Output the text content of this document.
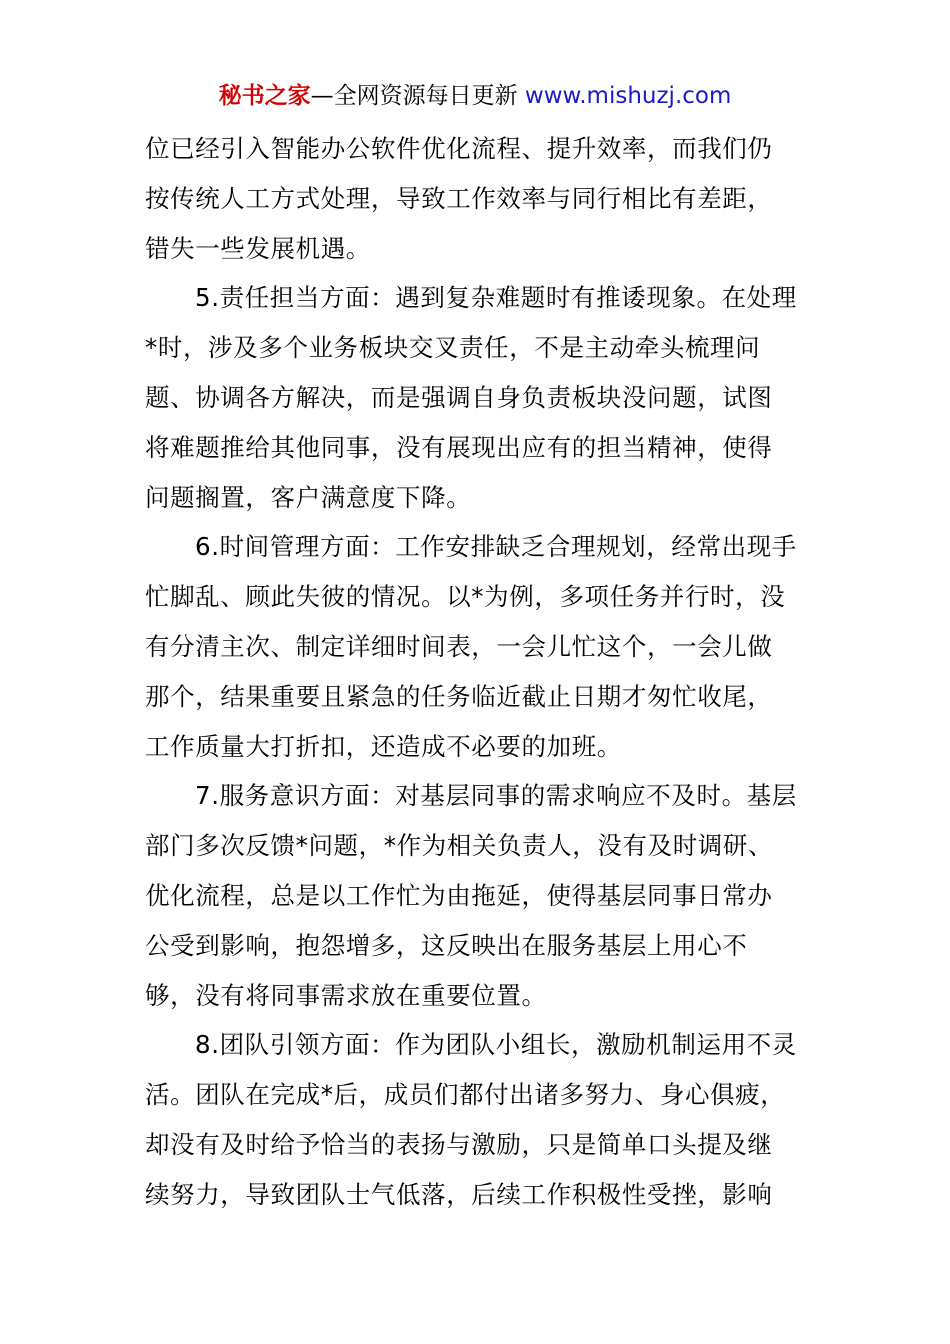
秘书之家—全网资源每日更新 www.mishuzj.com
位已经引入智能办公软件优化流程、提升效率，而我们仍
按传统人工方式处理，导致工作效率与同行相比有差距，
错失一些发展机遇。
5.责任担当方面：遇到复杂难题时有推诿现象。在处理
*时，涉及多个业务板块交叉责任，不是主动牵头梳理问
题、协调各方解决，而是强调自身负责板块没问题，试图
将难题推给其他同事，没有展现出应有的担当精神，使得
问题搁置，客户满意度下降。
6.时间管理方面：工作安排缺乏合理规划，经常出现手
忙脚乱、顾此失彼的情况。以*为例，多项任务并行时，没
有分清主次、制定详细时间表，一会儿忙这个，一会儿做
那个，结果重要且紧急的任务临近截止日期才匆忙收尾，
工作质量大打折扣，还造成不必要的加班。
7.服务意识方面：对基层同事的需求响应不及时。基层
部门多次反馈*问题，*作为相关负责人，没有及时调研、
优化流程，总是以工作忙为由拖延，使得基层同事日常办
公受到影响，抱怨增多，这反映出在服务基层上用心不
够，没有将同事需求放在重要位置。
8.团队引领方面：作为团队小组长，激励机制运用不灵
活。团队在完成*后，成员们都付出诸多努力、身心俱疲，
却没有及时给予恰当的表扬与激励，只是简单口头提及继
续努力，导致团队士气低落，后续工作积极性受挫，影响
